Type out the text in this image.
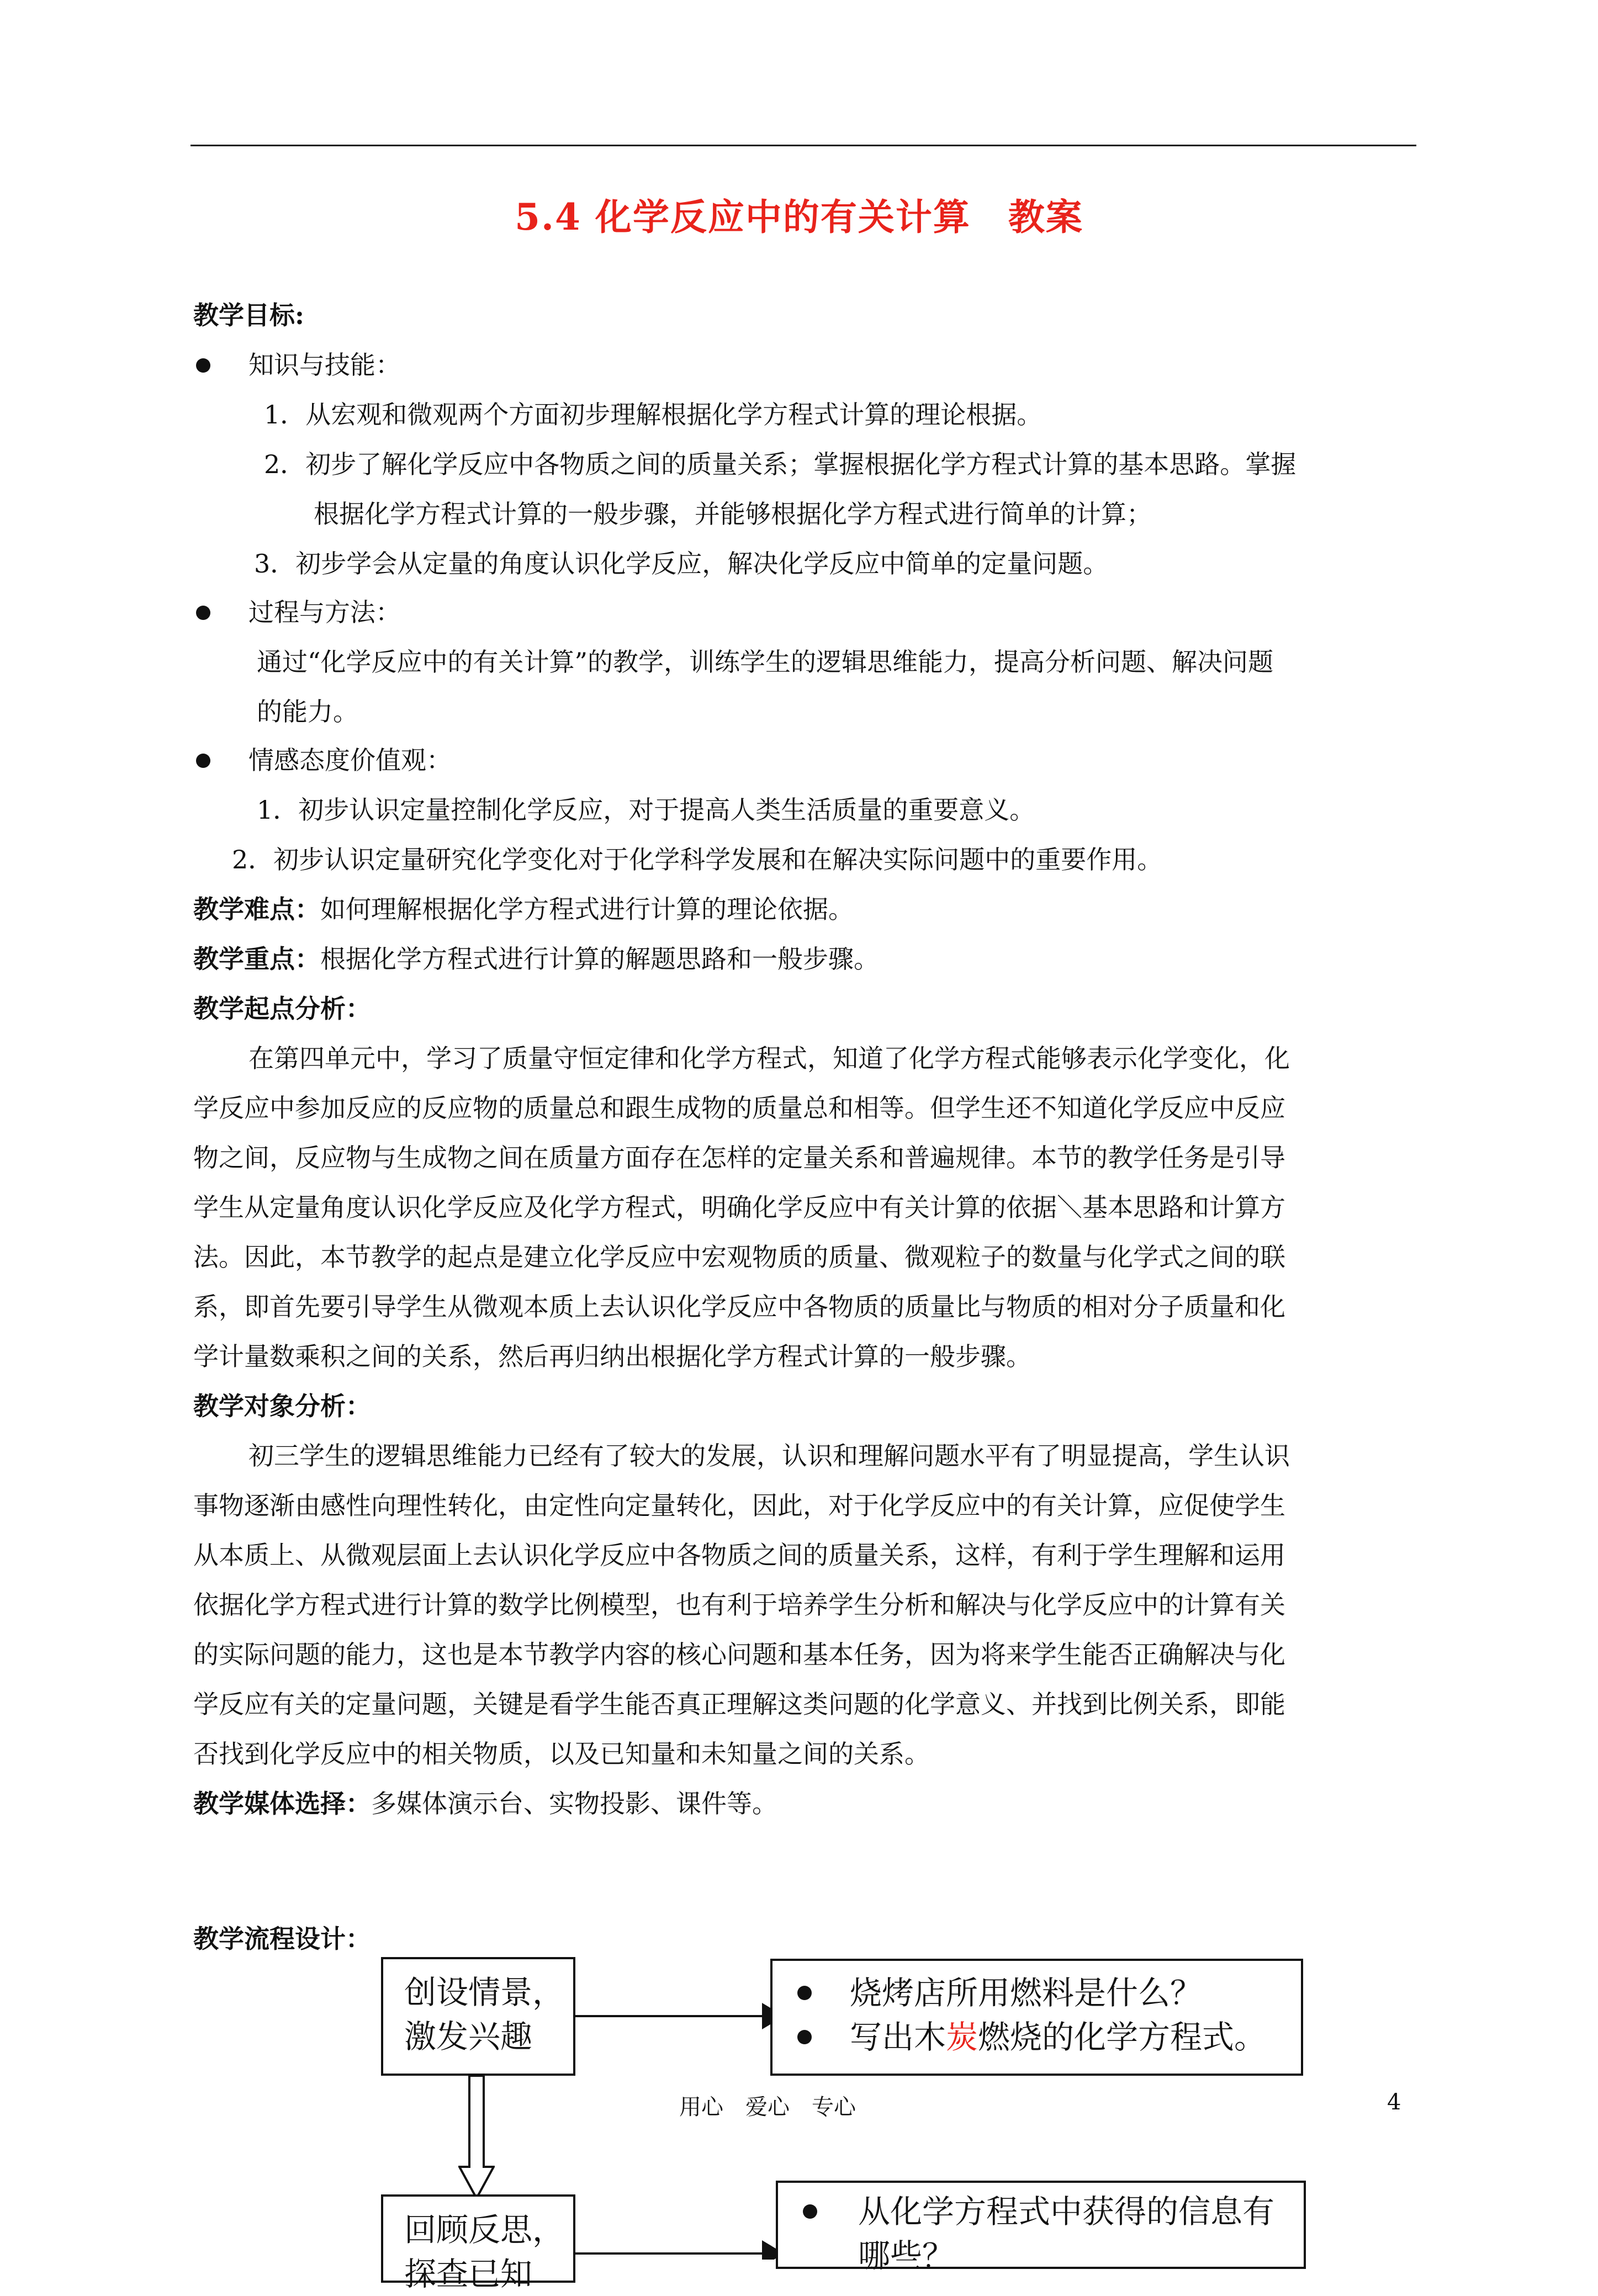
5.4 化学反应中的有关计算　教案
教学目标:
知识与技能：
1．从宏观和微观两个方面初步理解根据化学方程式计算的理论根据。
2．初步了解化学反应中各物质之间的质量关系；掌握根据化学方程式计算的基本思路。掌握
根据化学方程式计算的一般步骤，并能够根据化学方程式进行简单的计算；
3．初步学会从定量的角度认识化学反应，解决化学反应中简单的定量问题。
过程与方法：
通过“化学反应中的有关计算”的教学，训练学生的逻辑思维能力，提高分析问题、解决问题
的能力。
情感态度价值观：
1．初步认识定量控制化学反应，对于提高人类生活质量的重要意义。
2．初步认识定量研究化学变化对于化学科学发展和在解决实际问题中的重要作用。
教学难点：如何理解根据化学方程式进行计算的理论依据。
教学重点：根据化学方程式进行计算的解题思路和一般步骤。
教学起点分析：
在第四单元中，学习了质量守恒定律和化学方程式，知道了化学方程式能够表示化学变化，化
学反应中参加反应的反应物的质量总和跟生成物的质量总和相等。但学生还不知道化学反应中反应
物之间，反应物与生成物之间在质量方面存在怎样的定量关系和普遍规律。本节的教学任务是引导
学生从定量角度认识化学反应及化学方程式，明确化学反应中有关计算的依据＼基本思路和计算方
法。因此，本节教学的起点是建立化学反应中宏观物质的质量、微观粒子的数量与化学式之间的联
系，即首先要引导学生从微观本质上去认识化学反应中各物质的质量比与物质的相对分子质量和化
学计量数乘积之间的关系，然后再归纳出根据化学方程式计算的一般步骤。
教学对象分析：
初三学生的逻辑思维能力已经有了较大的发展，认识和理解问题水平有了明显提高，学生认识
事物逐渐由感性向理性转化，由定性向定量转化，因此，对于化学反应中的有关计算，应促使学生
从本质上、从微观层面上去认识化学反应中各物质之间的质量关系，这样，有利于学生理解和运用
依据化学方程式进行计算的数学比例模型，也有利于培养学生分析和解决与化学反应中的计算有关
的实际问题的能力，这也是本节教学内容的核心问题和基本任务，因为将来学生能否正确解决与化
学反应有关的定量问题，关键是看学生能否真正理解这类问题的化学意义、并找到比例关系，即能
否找到化学反应中的相关物质，以及已知量和未知量之间的关系。
教学媒体选择：多媒体演示台、实物投影、课件等。
教学流程设计：
创设情景，
激发兴趣
烧烤店所用燃料是什么？
写出木炭燃烧的化学方程式。
用心　爱心　专心	4
回顾反思，
探查已知
从化学方程式中获得的信息有
哪些？
